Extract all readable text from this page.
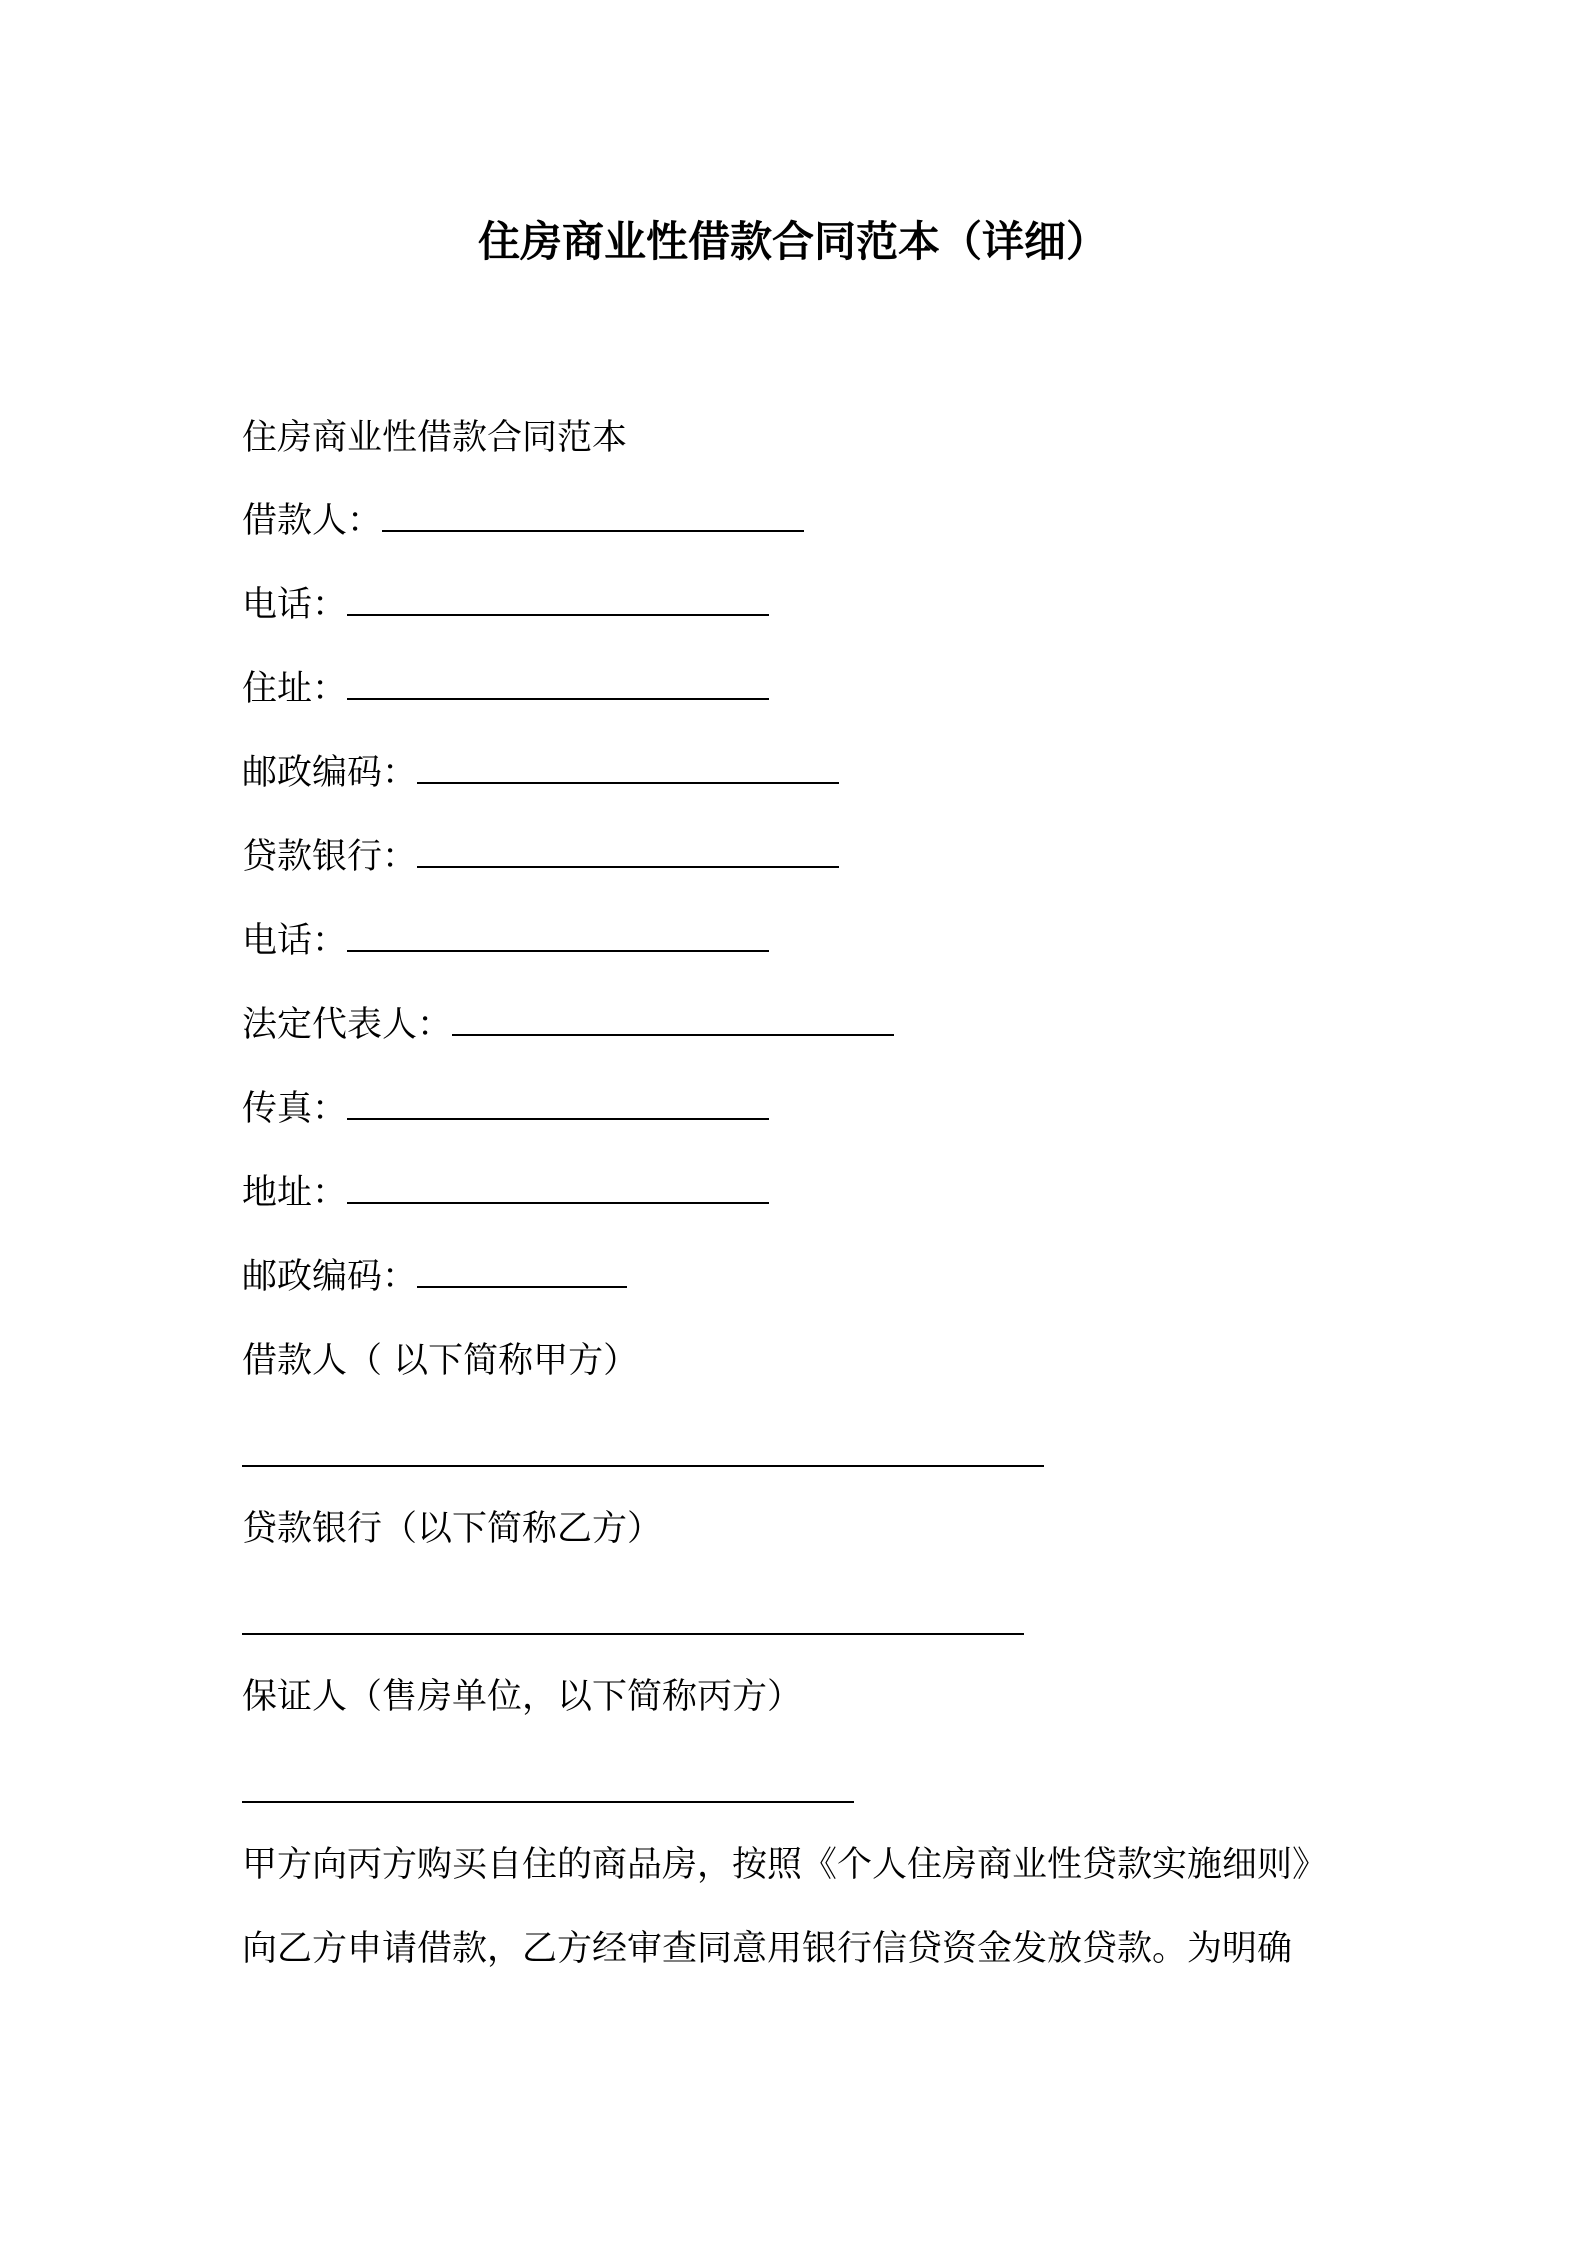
住房商业性借款合同范本（详细）
住房商业性借款合同范本
借款人：
电话：
住址：
邮政编码：
贷款银行：
电话：
法定代表人：
传真：
地址：
邮政编码：
借款人（ 以下简称甲方）
贷款银行（以下简称乙方）
保证人（售房单位，以下简称丙方）
甲方向丙方购买自住的商品房，按照《个人住房商业性贷款实施细则》
向乙方申请借款，乙方经审查同意用银行信贷资金发放贷款。为明确
